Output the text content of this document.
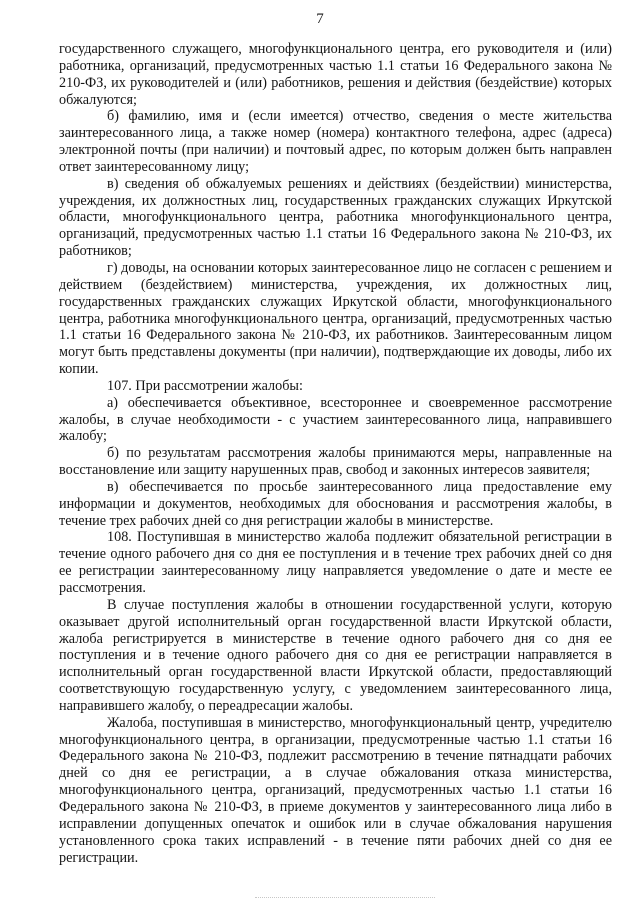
7

государственного служащего, многофункционального центра, его руководителя и (или) работника, организаций, предусмотренных частью 1.1 статьи 16 Федерального закона № 210-ФЗ, их руководителей и (или) работников, решения и действия (бездействие) которых обжалуются;

б) фамилию, имя и (если имеется) отчество, сведения о месте жительства заинтересованного лица, а также номер (номера) контактного телефона, адрес (адреса) электронной почты (при наличии) и почтовый адрес, по которым должен быть направлен ответ заинтересованному лицу;

в) сведения об обжалуемых решениях и действиях (бездействии) министерства, учреждения, их должностных лиц, государственных гражданских служащих Иркутской области, многофункционального центра, работника многофункционального центра, организаций, предусмотренных частью 1.1 статьи 16 Федерального закона № 210-ФЗ, их работников;

г) доводы, на основании которых заинтересованное лицо не согласен с решением и действием (бездействием) министерства, учреждения, их должностных лиц, государственных гражданских служащих Иркутской области, многофункционального центра, работника многофункционального центра, организаций, предусмотренных частью 1.1 статьи 16 Федерального закона № 210-ФЗ, их работников. Заинтересованным лицом могут быть представлены документы (при наличии), подтверждающие их доводы, либо их копии.

107. При рассмотрении жалобы:

а) обеспечивается объективное, всестороннее и своевременное рассмотрение жалобы, в случае необходимости - с участием заинтересованного лица, направившего жалобу;

б) по результатам рассмотрения жалобы принимаются меры, направленные на восстановление или защиту нарушенных прав, свобод и законных интересов заявителя;

в) обеспечивается по просьбе заинтересованного лица предоставление ему информации и документов, необходимых для обоснования и рассмотрения жалобы, в течение трех рабочих дней со дня регистрации жалобы в министерстве.

108. Поступившая в министерство жалоба подлежит обязательной регистрации в течение одного рабочего дня со дня ее поступления и в течение трех рабочих дней со дня ее регистрации заинтересованному лицу направляется уведомление о дате и месте ее рассмотрения.

В случае поступления жалобы в отношении государственной услуги, которую оказывает другой исполнительный орган государственной власти Иркутской области, жалоба регистрируется в министерстве в течение одного рабочего дня со дня ее поступления и в течение одного рабочего дня со дня ее регистрации направляется в исполнительный орган государственной власти Иркутской области, предоставляющий соответствующую государственную услугу, с уведомлением заинтересованного лица, направившего жалобу, о переадресации жалобы.

Жалоба, поступившая в министерство, многофункциональный центр, учредителю многофункционального центра, в организации, предусмотренные частью 1.1 статьи 16 Федерального закона № 210-ФЗ, подлежит рассмотрению в течение пятнадцати рабочих дней со дня ее регистрации, а в случае обжалования отказа министерства, многофункционального центра, организаций, предусмотренных частью 1.1 статьи 16 Федерального закона № 210-ФЗ, в приеме документов у заинтересованного лица либо в исправлении допущенных опечаток и ошибок или в случае обжалования нарушения установленного срока таких исправлений - в течение пяти рабочих дней со дня ее регистрации.
